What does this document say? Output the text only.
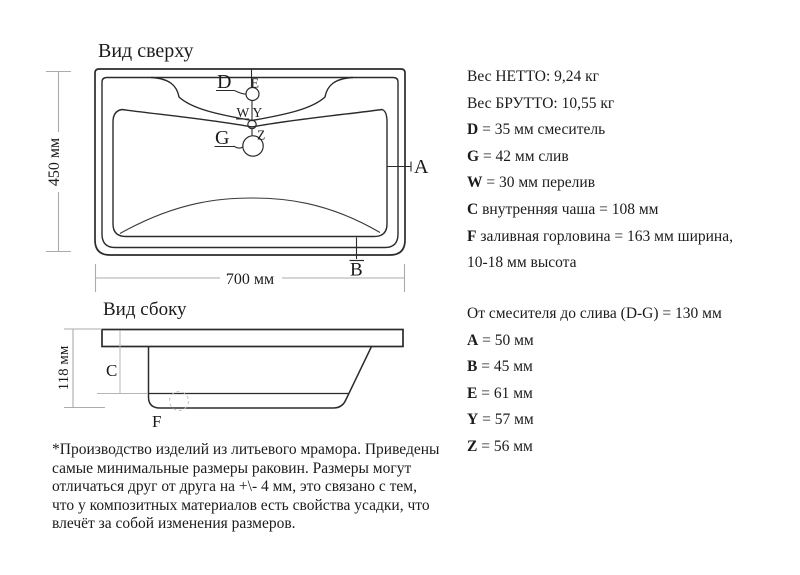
Вид сверху
D E
W Y
Z
G
A
B
450 мм
700 мм
Вид сбоку
C
118 мм
F
Вес НЕТТО: 9,24 кг
Вес БРУТТО: 10,55 кг
D = 35 мм смеситель
G = 42 мм слив
W = 30 мм перелив
C внутренняя чаша = 108 мм
F заливная горловина = 163 мм ширина,
10-18 мм высота
От смесителя до слива (D-G) = 130 мм
A = 50 мм
B = 45 мм
E = 61 мм
Y = 57 мм
Z = 56 мм
*Производство изделий из литьевого мрамора. Приведены
самые минимальные размеры раковин. Размеры могут
отличаться друг от друга на +\- 4 мм, это связано с тем,
что у композитных материалов есть свойства усадки, что
влечёт за собой изменения размеров.
